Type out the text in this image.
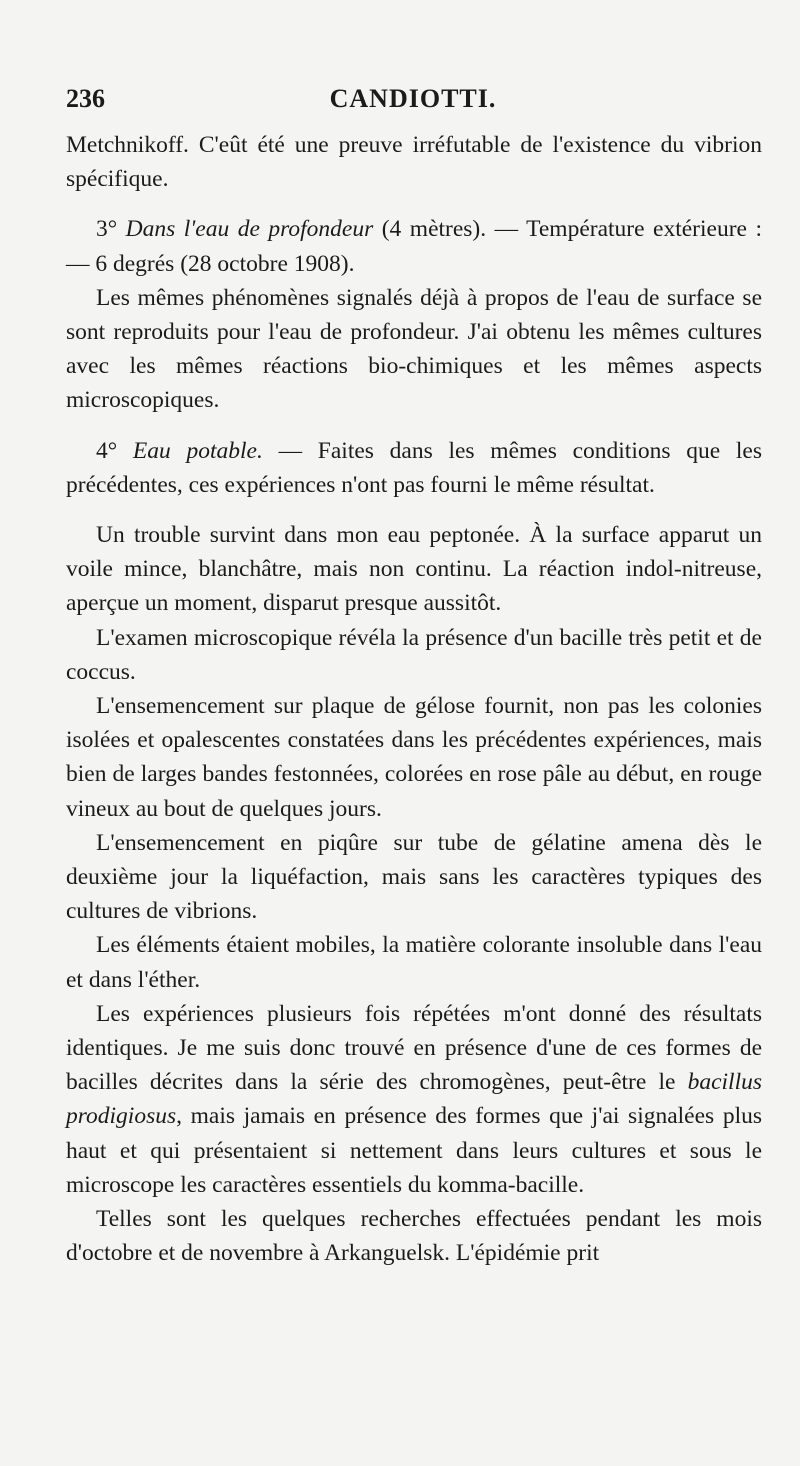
236	CANDIOTTI.

Metchnikoff. C'eût été une preuve irréfutable de l'existence du vibrion spécifique.

3° Dans l'eau de profondeur (4 mètres). — Température extérieure : — 6 degrés (28 octobre 1908).

Les mêmes phénomènes signalés déjà à propos de l'eau de surface se sont reproduits pour l'eau de profondeur. J'ai obtenu les mêmes cultures avec les mêmes réactions bio-chimiques et les mêmes aspects microscopiques.

4° Eau potable. — Faites dans les mêmes conditions que les précédentes, ces expériences n'ont pas fourni le même résultat.

Un trouble survint dans mon eau peptonée. À la surface apparut un voile mince, blanchâtre, mais non continu. La réaction indol-nitreuse, aperçue un moment, disparut presque aussitôt.

L'examen microscopique révéla la présence d'un bacille très petit et de coccus.

L'ensemencement sur plaque de gélose fournit, non pas les colonies isolées et opalescentes constatées dans les précédentes expériences, mais bien de larges bandes festonnées, colorées en rose pâle au début, en rouge vineux au bout de quelques jours.

L'ensemencement en piqûre sur tube de gélatine amena dès le deuxième jour la liquéfaction, mais sans les caractères typiques des cultures de vibrions.

Les éléments étaient mobiles, la matière colorante insoluble dans l'eau et dans l'éther.

Les expériences plusieurs fois répétées m'ont donné des résultats identiques. Je me suis donc trouvé en présence d'une de ces formes de bacilles décrites dans la série des chromogènes, peut-être le bacillus prodigiosus, mais jamais en présence des formes que j'ai signalées plus haut et qui présentaient si nettement dans leurs cultures et sous le microscope les caractères essentiels du komma-bacille.

Telles sont les quelques recherches effectuées pendant les mois d'octobre et de novembre à Arkanguelsk. L'épidémie prit
